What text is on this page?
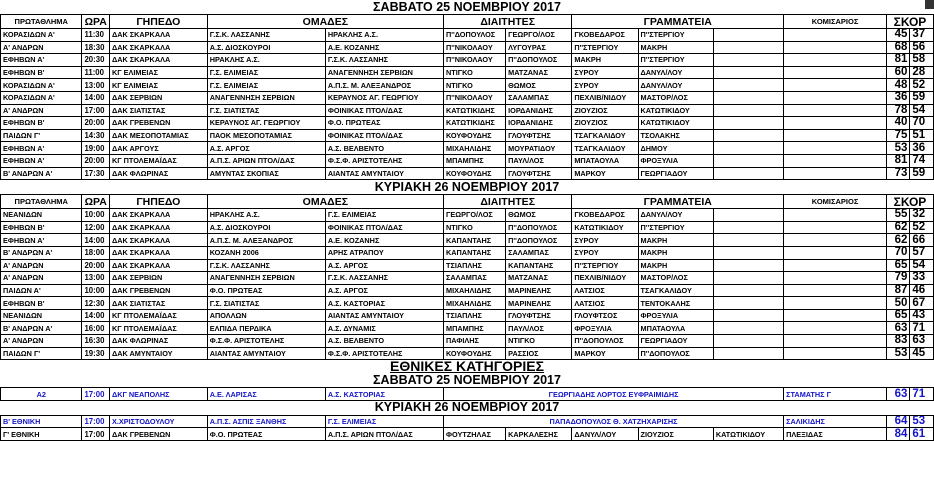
ΣΑΒΒΑΤΟ 25 ΝΟΕΜΒΡΙΟΥ 2017												
ΠΡΩΤΑΘΛΗΜΑ	ΩΡΑ	ΓΗΠΕΔΟ	ΟΜΑΔΕΣ		ΔΙΑΙΤΗΤΕΣ		ΓΡΑΜΜΑΤΕΙΑ			ΚΟΜΙΣΑΡΙΟΣ	ΣΚΟΡ	
ΚΟΡΑΣΙΔΩΝ Α'	11:30	ΔΑΚ ΣΚΑΡΚΑΛΑ	Γ.Σ.Κ. ΛΑΣΣΑΝΗΣ	ΗΡΑΚΛΗΣ Α.Σ.	Π''ΔΟΠΟΥΛΟΣ	ΓΕΩΡΓΟ/ΛΟΣ	ΓΚΟΒΕΔΑΡΟΣ	Π''ΣΤΕΡΓΙΟΥ			45	37
Α' ΑΝΔΡΩΝ	18:30	ΔΑΚ ΣΚΑΡΚΑΛΑ	Α.Σ. ΔΙΟΣΚΟΥΡΟΙ	Α.Ε. ΚΟΖΑΝΗΣ	Π''ΝΙΚΟΛΑΟΥ	ΛΥΓΟΥΡΑΣ	Π''ΣΤΕΡΓΙΟΥ	ΜΑΚΡΗ			68	56
ΕΦΗΒΩΝ Α'	20:30	ΔΑΚ ΣΚΑΡΚΑΛΑ	ΗΡΑΚΛΗΣ Α.Σ.	Γ.Σ.Κ. ΛΑΣΣΑΝΗΣ	Π''ΝΙΚΟΛΑΟΥ	Π''ΔΟΠΟΥΛΟΣ	ΜΑΚΡΗ	Π''ΣΤΕΡΓΙΟΥ			81	58
ΕΦΗΒΩΝ Β'	11:00	ΚΓ ΕΛΙΜΕΙΑΣ	Γ.Σ. ΕΛΙΜΕΙΑΣ	ΑΝΑΓΕΝΝΗΣΗ ΣΕΡΒΙΩΝ	ΝΤΙΓΚΟ	ΜΑΤΖΑΝΑΣ	ΣΥΡΟΥ	ΔΑΝΥΛ/ΛΟΥ			60	28
ΚΟΡΑΣΙΔΩΝ Α'	13:00	ΚΓ ΕΛΙΜΕΙΑΣ	Γ.Σ. ΕΛΙΜΕΙΑΣ	Α.Π.Σ. Μ. ΑΛΕΞΑΝΔΡΟΣ	ΝΤΙΓΚΟ	ΘΩΜΟΣ	ΣΥΡΟΥ	ΔΑΝΥΛ/ΛΟΥ			48	52
ΚΟΡΑΣΙΔΩΝ Α'	14:00	ΔΑΚ ΣΕΡΒΙΩΝ	ΑΝΑΓΕΝΝΗΣΗ ΣΕΡΒΙΩΝ	ΚΕΡΑΥΝΟΣ ΑΓ. ΓΕΩΡΓΙΟΥ	Π''ΝΙΚΟΛΑΟΥ	ΣΑΛΑΜΠΑΣ	ΠΕΧΛΙΒ/ΝΙΔΟΥ	ΜΑΣΤΟΡ/ΛΟΣ			36	59
Α' ΑΝΔΡΩΝ	17:00	ΔΑΚ ΣΙΑΤΙΣΤΑΣ	Γ.Σ. ΣΙΑΤΙΣΤΑΣ	ΦΟΙΝΙΚΑΣ ΠΤΟΛ/ΔΑΣ	ΚΑΤΩΤΙΚΙΔΗΣ	ΙΟΡΔΑΝΙΔΗΣ	ΖΙΟΥΖΙΟΣ	ΚΑΤΩΤΙΚΙΔΟΥ			78	54
ΕΦΗΒΩΝ Β'	20:00	ΔΑΚ ΓΡΕΒΕΝΩΝ	ΚΕΡΑΥΝΟΣ ΑΓ. ΓΕΩΡΓΙΟΥ	Φ.Ο. ΠΡΩΤΕΑΣ	ΚΑΤΩΤΙΚΙΔΗΣ	ΙΟΡΔΑΝΙΔΗΣ	ΖΙΟΥΖΙΟΣ	ΚΑΤΩΤΙΚΙΔΟΥ			40	70
ΠΑΙΔΩΝ Γ'	14:30	ΔΑΚ ΜΕΣΟΠΟΤΑΜΙΑΣ	ΠΑΟΚ ΜΕΣΟΠΟΤΑΜΙΑΣ	ΦΟΙΝΙΚΑΣ ΠΤΟΛ/ΔΑΣ	ΚΟΥΦΟΥΔΗΣ	ΓΛΟΥΦΤΣΗΣ	ΤΣΑΓΚΑΛΙΔΟΥ	ΤΣΟΛΑΚΗΣ			75	51
ΕΦΗΒΩΝ Α'	19:00	ΔΑΚ ΑΡΓΟΥΣ	Α.Σ. ΑΡΓΟΣ	Α.Σ. ΒΕΛΒΕΝΤΟ	ΜΙΧΑΗΛΙΔΗΣ	ΜΟΥΡΑΤΙΔΟΥ	ΤΣΑΓΚΑΛΙΔΟΥ	ΔΗΜΟΥ			53	36
ΕΦΗΒΩΝ Α'	20:00	ΚΓ ΠΤΟΛΕΜΑΪΔΑΣ	Α.Π.Σ. ΑΡΙΩΝ ΠΤΟΛ/ΔΑΣ	Φ.Σ.Φ. ΑΡΙΣΤΟΤΕΛΗΣ	ΜΠΑΜΠΗΣ	ΠΑΥΛ/ΛΟΣ	ΜΠΑΤΑΟΥΛΑ	ΦΡΟΞΥΛΙΑ			81	74
Β' ΑΝΔΡΩΝ Α'	17:30	ΔΑΚ ΦΛΩΡΙΝΑΣ	ΑΜΥΝΤΑΣ ΣΚΟΠΙΑΣ	ΑΙΑΝΤΑΣ ΑΜΥΝΤΑΙΟΥ	ΚΟΥΦΟΥΔΗΣ	ΓΛΟΥΦΤΣΗΣ	ΜΑΡΚΟΥ	ΓΕΩΡΓΙΑΔΟΥ			73	59
ΚΥΡΙΑΚΗ 26 ΝΟΕΜΒΡΙΟΥ 2017												
ΠΡΩΤΑΘΛΗΜΑ	ΩΡΑ	ΓΗΠΕΔΟ	ΟΜΑΔΕΣ		ΔΙΑΙΤΗΤΕΣ		ΓΡΑΜΜΑΤΕΙΑ			ΚΟΜΙΣΑΡΙΟΣ	ΣΚΟΡ	
ΝΕΑΝΙΔΩΝ	10:00	ΔΑΚ ΣΚΑΡΚΑΛΑ	ΗΡΑΚΛΗΣ Α.Σ.	Γ.Σ. ΕΛΙΜΕΙΑΣ	ΓΕΩΡΓΟ/ΛΟΣ	ΘΩΜΟΣ	ΓΚΟΒΕΔΑΡΟΣ	ΔΑΝΥΛ/ΛΟΥ			55	32
ΕΦΗΒΩΝ Β'	12:00	ΔΑΚ ΣΚΑΡΚΑΛΑ	Α.Σ. ΔΙΟΣΚΟΥΡΟΙ	ΦΟΙΝΙΚΑΣ ΠΤΟΛ/ΔΑΣ	ΝΤΙΓΚΟ	Π''ΔΟΠΟΥΛΟΣ	ΚΑΤΩΤΙΚΙΔΟΥ	Π''ΣΤΕΡΓΙΟΥ			62	52
ΕΦΗΒΩΝ Α'	14:00	ΔΑΚ ΣΚΑΡΚΑΛΑ	Α.Π.Σ. Μ. ΑΛΕΞΑΝΔΡΟΣ	Α.Ε. ΚΟΖΑΝΗΣ	ΚΑΠΑΝΤΑΗΣ	Π''ΔΟΠΟΥΛΟΣ	ΣΥΡΟΥ	ΜΑΚΡΗ			62	66
Β' ΑΝΔΡΩΝ Α'	18:00	ΔΑΚ ΣΚΑΡΚΑΛΑ	ΚΟΖΑΝΗ 2006	ΑΡΗΣ ΑΤΡΑΠΟΥ	ΚΑΠΑΝΤΑΗΣ	ΣΑΛΑΜΠΑΣ	ΣΥΡΟΥ	ΜΑΚΡΗ			70	57
Α' ΑΝΔΡΩΝ	20:00	ΔΑΚ ΣΚΑΡΚΑΛΑ	Γ.Σ.Κ. ΛΑΣΣΑΝΗΣ	Α.Σ. ΑΡΓΟΣ	ΤΣΙΑΠΛΗΣ	ΚΑΠΑΝΤΑΗΣ	Π''ΣΤΕΡΓΙΟΥ	ΜΑΚΡΗ			65	54
Α' ΑΝΔΡΩΝ	13:00	ΔΑΚ ΣΕΡΒΙΩΝ	ΑΝΑΓΕΝΝΗΣΗ ΣΕΡΒΙΩΝ	Γ.Σ.Κ. ΛΑΣΣΑΝΗΣ	ΣΑΛΑΜΠΑΣ	ΜΑΤΖΑΝΑΣ	ΠΕΧΛΙΒ/ΝΙΔΟΥ	ΜΑΣΤΟΡ/ΛΟΣ			79	33
ΠΑΙΔΩΝ Α'	10:00	ΔΑΚ ΓΡΕΒΕΝΩΝ	Φ.Ο. ΠΡΩΤΕΑΣ	Α.Σ. ΑΡΓΟΣ	ΜΙΧΑΗΛΙΔΗΣ	ΜΑΡΙΝΕΛΗΣ	ΛΑΤΣΙΟΣ	ΤΣΑΓΚΑΛΙΔΟΥ			87	46
ΕΦΗΒΩΝ Β'	12:30	ΔΑΚ ΣΙΑΤΙΣΤΑΣ	Γ.Σ. ΣΙΑΤΙΣΤΑΣ	Α.Σ. ΚΑΣΤΟΡΙΑΣ	ΜΙΧΑΗΛΙΔΗΣ	ΜΑΡΙΝΕΛΗΣ	ΛΑΤΣΙΟΣ	ΤΕΝΤΟΚΑΛΗΣ			50	67
ΝΕΑΝΙΔΩΝ	14:00	ΚΓ ΠΤΟΛΕΜΑΪΔΑΣ	ΑΠΟΛΛΩΝ	ΑΙΑΝΤΑΣ ΑΜΥΝΤΑΙΟΥ	ΤΣΙΑΠΛΗΣ	ΓΛΟΥΦΤΣΗΣ	ΓΛΟΥΦΤΣΟΣ	ΦΡΟΞΥΛΙΑ			65	43
Β' ΑΝΔΡΩΝ Α'	16:00	ΚΓ ΠΤΟΛΕΜΑΪΔΑΣ	ΕΛΠΙΔΑ ΠΕΡΔΙΚΑ	Α.Σ. ΔΥΝΑΜΙΣ	ΜΠΑΜΠΗΣ	ΠΑΥΛ/ΛΟΣ	ΦΡΟΞΥΛΙΑ	ΜΠΑΤΑΟΥΛΑ			63	71
Α' ΑΝΔΡΩΝ	16:30	ΔΑΚ ΦΛΩΡΙΝΑΣ	Φ.Σ.Φ. ΑΡΙΣΤΟΤΕΛΗΣ	Α.Σ. ΒΕΛΒΕΝΤΟ	ΠΑΦΙΛΗΣ	ΝΤΙΓΚΟ	Π''ΔΟΠΟΥΛΟΣ	ΓΕΩΡΓΙΑΔΟΥ			83	63
ΠΑΙΔΩΝ Γ'	19:30	ΔΑΚ ΑΜΥΝΤΑΙΟΥ	ΑΙΑΝΤΑΣ ΑΜΥΝΤΑΙΟΥ	Φ.Σ.Φ. ΑΡΙΣΤΟΤΕΛΗΣ	ΚΟΥΦΟΥΔΗΣ	ΡΑΣΣΙΟΣ	ΜΑΡΚΟΥ	Π''ΔΟΠΟΥΛΟΣ			53	45
ΕΘΝΙΚΕΣ ΚΑΤΗΓΟΡΙΕΣ												
ΣΑΒΒΑΤΟ 25 ΝΟΕΜΒΡΙΟΥ 2017												
Α2	17:00	ΔΚΓ ΝΕΑΠΟΛΗΣ	Α.Ε. ΛΑΡΙΣΑΣ	Α.Σ. ΚΑΣΤΟΡΙΑΣ	ΓΕΩΡΓΙΑΔΗΣ ΛΟΡΤΟΣ ΕΥΦΡΑΙΜΙΔΗΣ					ΣΤΑΜΑΤΗΣ Γ	63	71
ΚΥΡΙΑΚΗ 26 ΝΟΕΜΒΡΙΟΥ 2017												
Β' ΕΘΝΙΚΗ	17:00	Χ.ΧΡΙΣΤΟΔΟΥΛΟΥ	Α.Π.Σ. ΑΣΠΙΣ ΞΑΝΘΗΣ	Γ.Σ. ΕΛΙΜΕΙΑΣ	ΠΑΠΑΔΟΠΟΥΛΟΣ Θ. ΧΑΤΖΗΧΑΡΙΣΗΣ					ΣΑΛΙΚΙΔΗΣ	64	53
Γ' ΕΘΝΙΚΗ	17:00	ΔΑΚ ΓΡΕΒΕΝΩΝ	Φ.Ο. ΠΡΩΤΕΑΣ	Α.Π.Σ. ΑΡΙΩΝ ΠΤΟΛ/ΔΑΣ	ΦΟΥΤΖΗΛΑΣ	ΚΑΡΚΑΛΕΣΗΣ	ΔΑΝΥΛ/ΛΟΥ	ΖΙΟΥΖΙΟΣ	ΚΑΤΩΤΙΚΙΔΟΥ	ΠΛΕΞΙΔΑΣ	84	61
